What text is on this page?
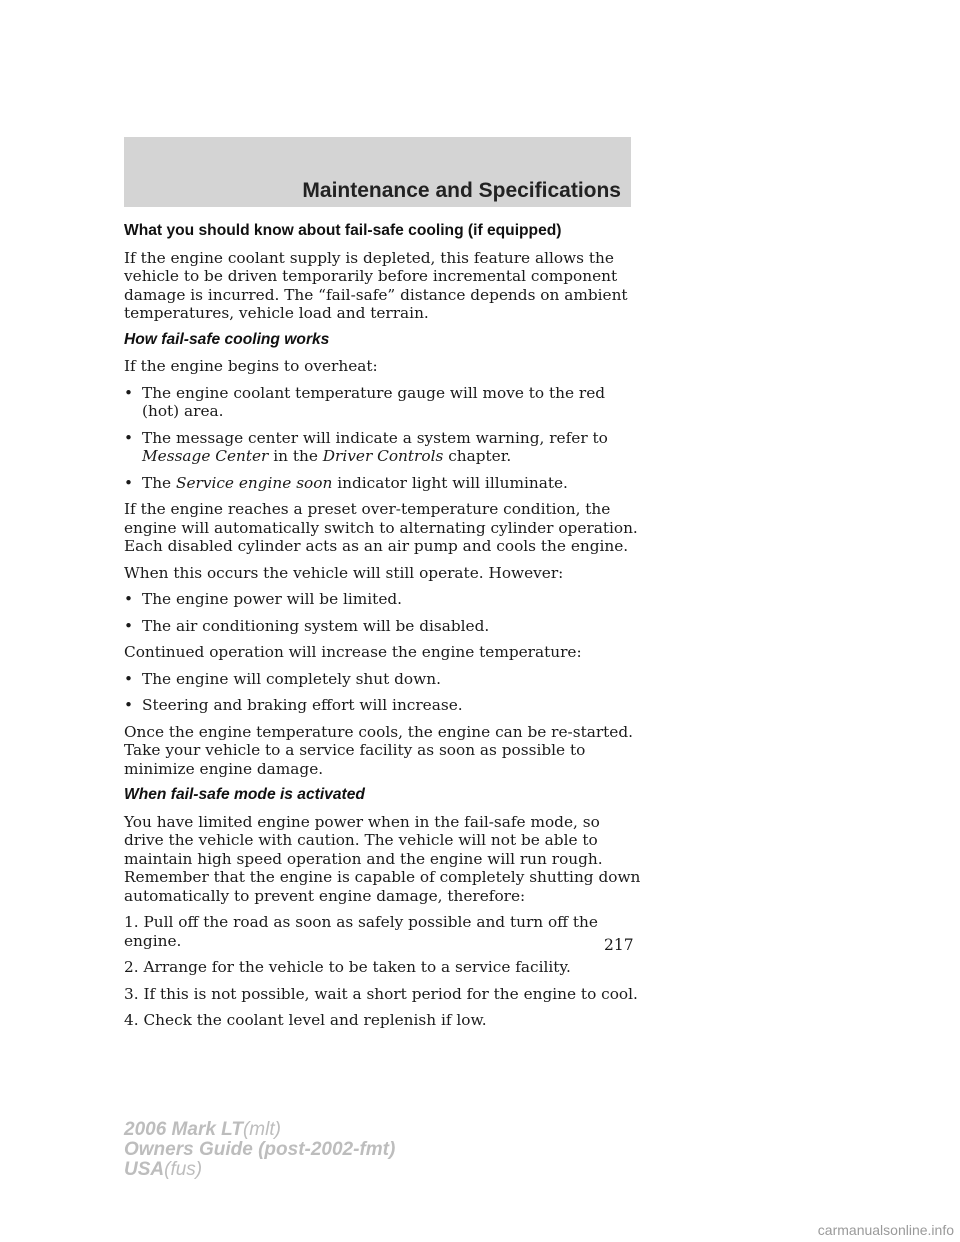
Maintenance and Specifications

What you should know about fail-safe cooling (if equipped)

If the engine coolant supply is depleted, this feature allows the vehicle to be driven temporarily before incremental component damage is incurred. The “fail-safe” distance depends on ambient temperatures, vehicle load and terrain.

How fail-safe cooling works

If the engine begins to overheat:

• The engine coolant temperature gauge will move to the red (hot) area.
• The message center will indicate a system warning, refer to Message Center in the Driver Controls chapter.
• The Service engine soon indicator light will illuminate.

If the engine reaches a preset over-temperature condition, the engine will automatically switch to alternating cylinder operation. Each disabled cylinder acts as an air pump and cools the engine.

When this occurs the vehicle will still operate. However:

• The engine power will be limited.
• The air conditioning system will be disabled.

Continued operation will increase the engine temperature:

• The engine will completely shut down.
• Steering and braking effort will increase.

Once the engine temperature cools, the engine can be re-started. Take your vehicle to a service facility as soon as possible to minimize engine damage.

When fail-safe mode is activated

You have limited engine power when in the fail-safe mode, so drive the vehicle with caution. The vehicle will not be able to maintain high speed operation and the engine will run rough. Remember that the engine is capable of completely shutting down automatically to prevent engine damage, therefore:

1. Pull off the road as soon as safely possible and turn off the engine.

2. Arrange for the vehicle to be taken to a service facility.

3. If this is not possible, wait a short period for the engine to cool.

4. Check the coolant level and replenish if low.

217
2006 Mark LT(mlt)
Owners Guide (post-2002-fmt)
USA(fus)
carmanualsonline.info
